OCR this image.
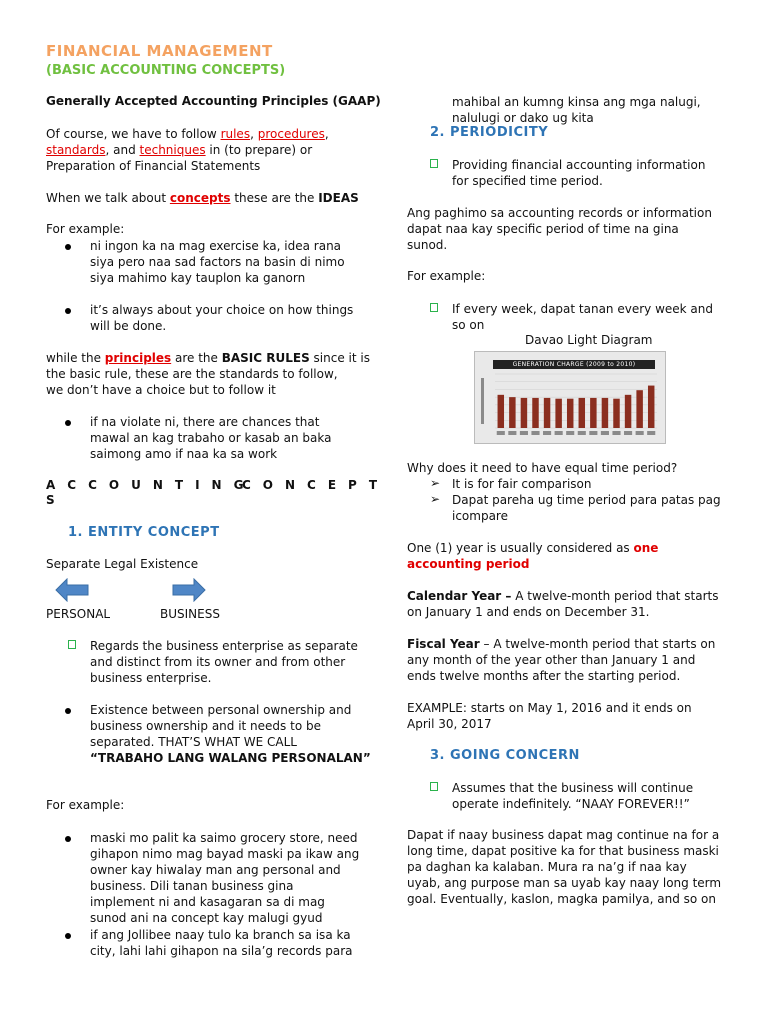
FINANCIAL MANAGEMENT
(BASIC ACCOUNTING CONCEPTS)
Generally Accepted Accounting Principles (GAAP)
Of course, we have to follow rules, procedures,
standards, and techniques in (to prepare) or
Preparation of Financial Statements
When we talk about concepts these are the IDEAS
For example:
ni ingon ka na mag exercise ka, idea rana
siya pero naa sad factors na basin di nimo
siya mahimo kay tauplon ka ganorn
it’s always about your choice on how things
will be done.
while the principles are the BASIC RULES since it is
the basic rule, these are the standards to follow,
we don’t have a choice but to follow it
if na violate ni, there are chances that
mawal an kag trabaho or kasab an baka
saimong amo if naa ka sa work
ACCOUNTING
CONCEPT
S
1. ENTITY CONCEPT
Separate Legal Existence
PERSONAL	BUSINESS
Regards the business enterprise as separate
and distinct from its owner and from other
business enterprise.
Existence between personal ownership and
business ownership and it needs to be
separated. THAT’S WHAT WE CALL
“TRABAHO LANG WALANG PERSONALAN”
For example:
maski mo palit ka saimo grocery store, need
gihapon nimo mag bayad maski pa ikaw ang
owner kay hiwalay man ang personal and
business. Dili tanan business gina
implement ni and kasagaran sa di mag
sunod ani na concept kay malugi gyud
if ang Jollibee naay tulo ka branch sa isa ka
city, lahi lahi gihapon na sila’g records para
mahibal an kumng kinsa ang mga nalugi,
nalulugi or dako ug kita
2. PERIODICITY
Providing financial accounting information
for specified time period.
Ang paghimo sa accounting records or information
dapat naa kay specific period of time na gina
sunod.
For example:
If every week, dapat tanan every week and
so on
Davao Light Diagram
GENERATION CHARGE (2009 to 2010)
Why does it need to have equal time period?
➢ It is for fair comparison
➢ Dapat pareha ug time period para patas pag
icompare
One (1) year is usually considered as one
accounting period
Calendar Year – A twelve-month period that starts
on January 1 and ends on December 31.
Fiscal Year – A twelve-month period that starts on
any month of the year other than January 1 and
ends twelve months after the starting period.
EXAMPLE: starts on May 1, 2016 and it ends on
April 30, 2017
3. GOING CONCERN
Assumes that the business will continue
operate indefinitely. “NAAY FOREVER!!”
Dapat if naay business dapat mag continue na for a
long time, dapat positive ka for that business maski
pa daghan ka kalaban. Mura ra na’g if naa kay
uyab, ang purpose man sa uyab kay naay long term
goal. Eventually, kaslon, magka pamilya, and so on
